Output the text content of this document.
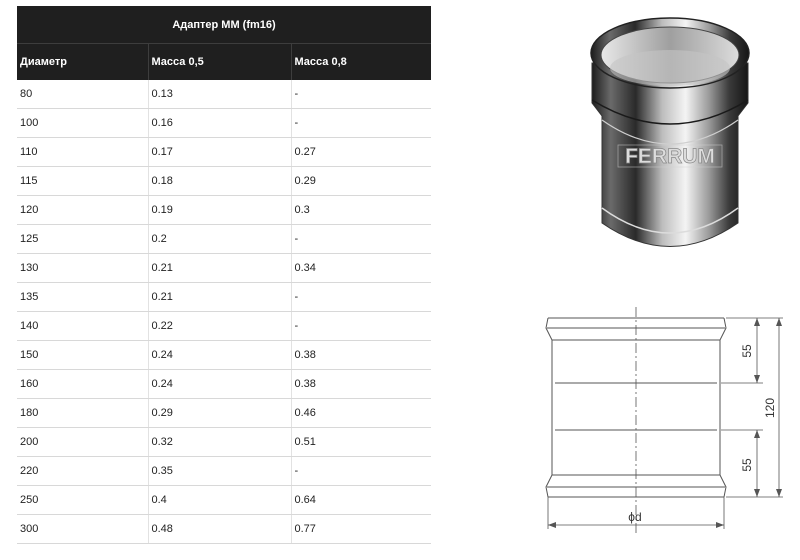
Адаптер ММ (fm16)		
Диаметр	Масса 0,5	Масса 0,8
80	0.13	-
100	0.16	-
110	0.17	0.27
115	0.18	0.29
120	0.19	0.3
125	0.2	-
130	0.21	0.34
135	0.21	-
140	0.22	-
150	0.24	0.38
160	0.24	0.38
180	0.29	0.46
200	0.32	0.51
220	0.35	-
250	0.4	0.64
300	0.48	0.77
FERRUM
ϕd
55
55
120
